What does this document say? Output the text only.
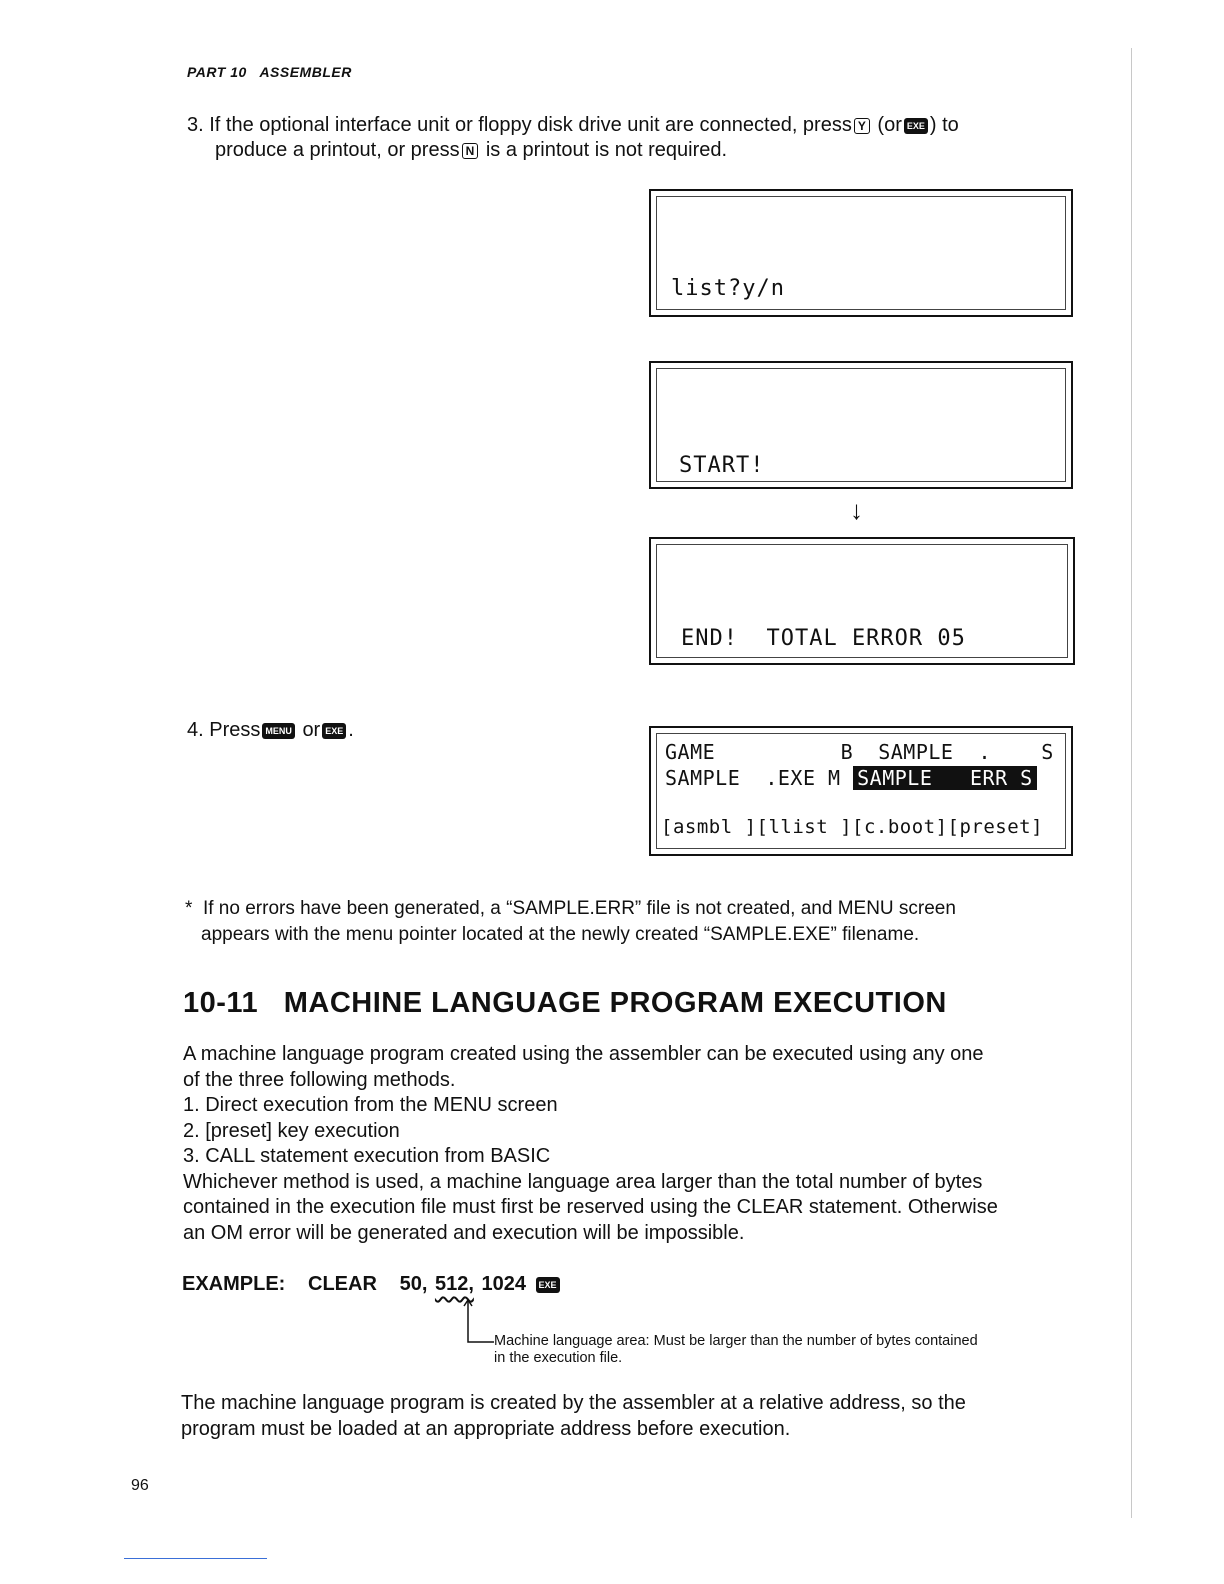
PART 10 ASSEMBLER
3. If the optional interface unit or floppy disk drive unit are connected, press Y (or EXE ) to
produce a printout, or press N is a printout is not required.
list?y/n
START!
↓
END!  TOTAL ERROR 05
4. Press MENU or EXE .
GAME          B SAMPLE  .    S
SAMPLE  .EXE M SAMPLE   ERR S
[asmbl ][llist ][c.boot][preset]
* If no errors have been generated, a “SAMPLE.ERR” file is not created, and MENU screen
appears with the menu pointer located at the newly created “SAMPLE.EXE” filename.
10-11 MACHINE LANGUAGE PROGRAM EXECUTION
A machine language program created using the assembler can be executed using any one
of the three following methods.
1. Direct execution from the MENU screen
2. [preset] key execution
3. CALL statement execution from BASIC
Whichever method is used, a machine language area larger than the total number of bytes
contained in the execution file must first be reserved using the CLEAR statement. Otherwise
an OM error will be generated and execution will be impossible.
EXAMPLE: CLEAR 50, 512, 1024 EXE
Machine language area: Must be larger than the number of bytes contained
in the execution file.
The machine language program is created by the assembler at a relative address, so the
program must be loaded at an appropriate address before execution.
96
